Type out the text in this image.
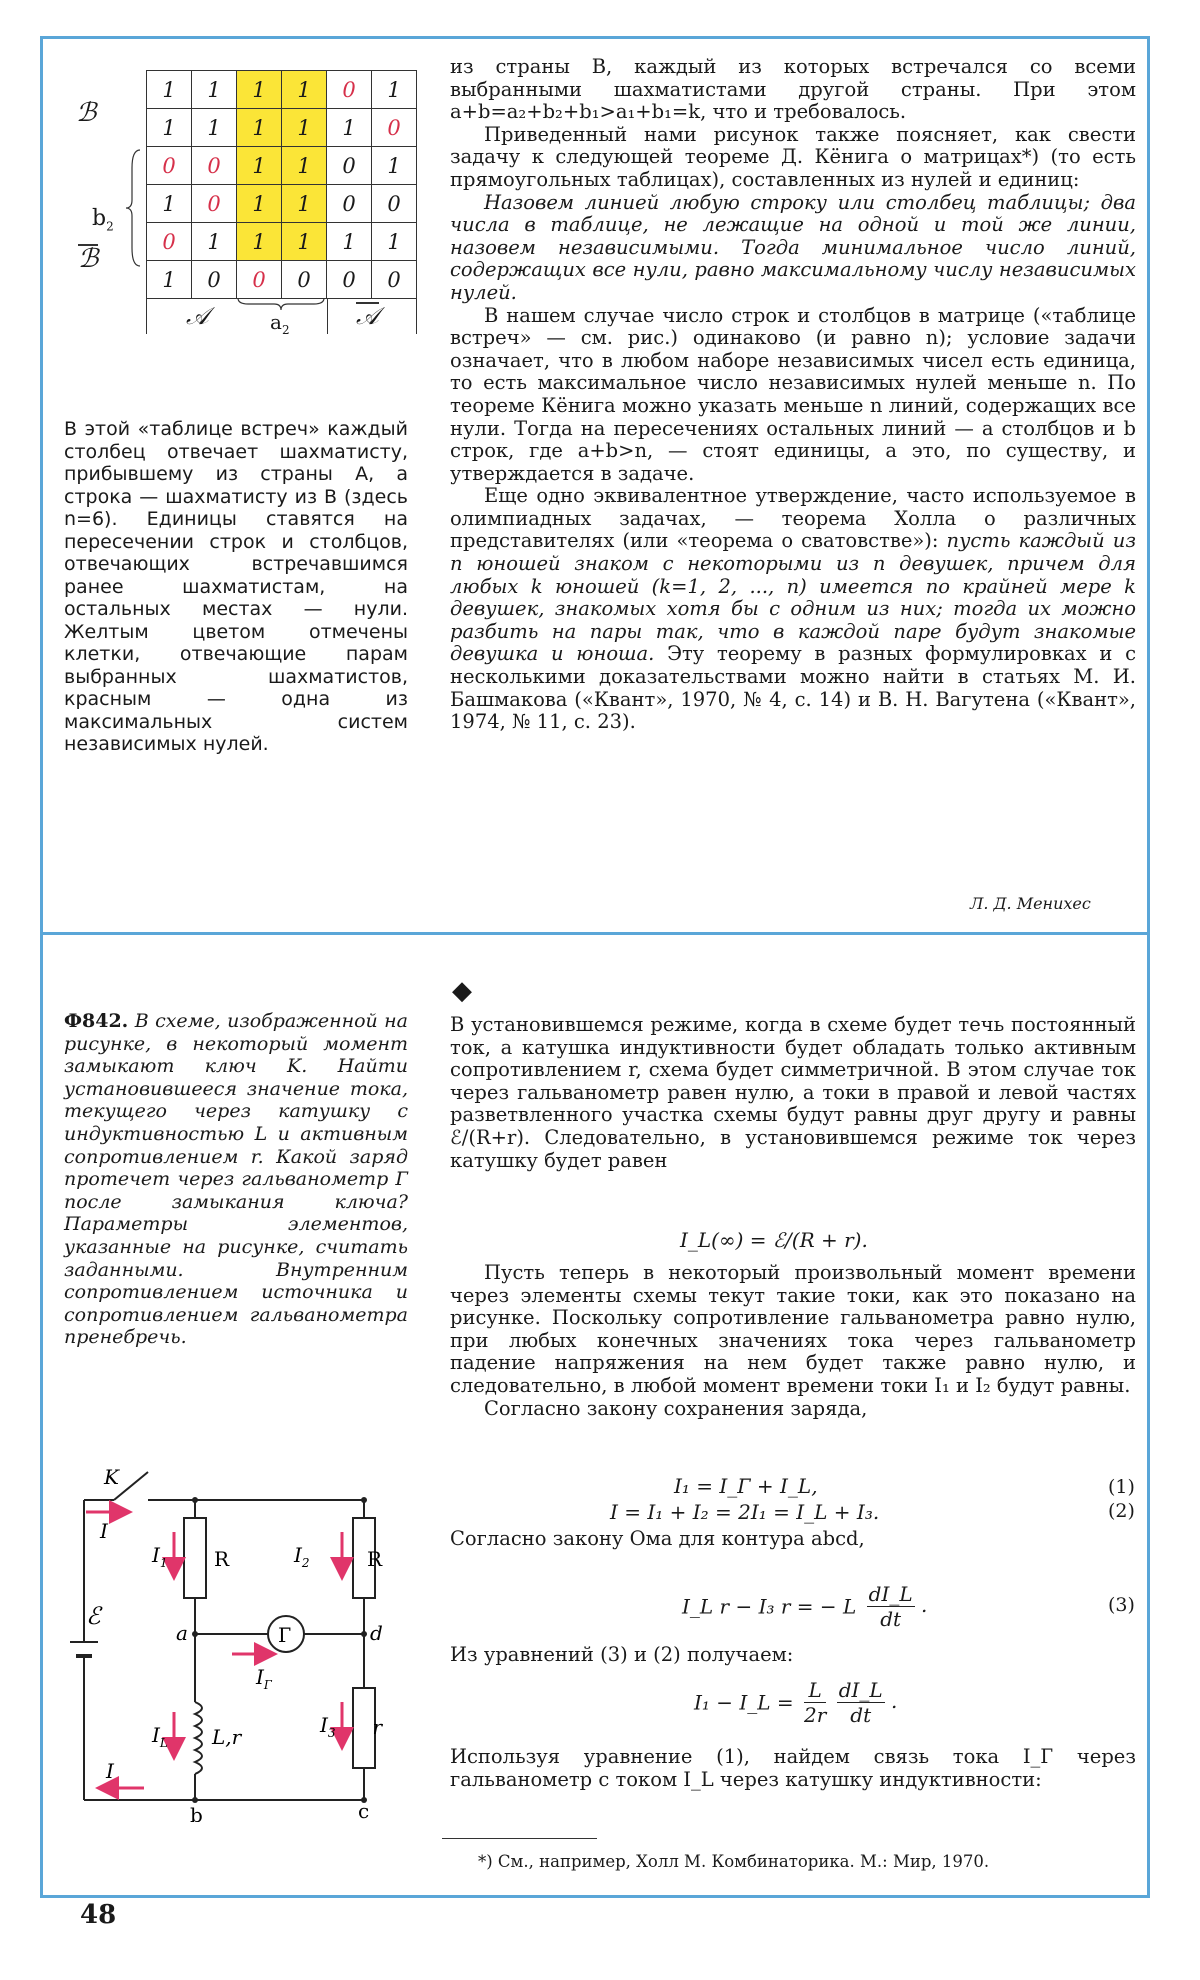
ℬ
$b_2$
ℬ
1	1	1	1	0	1
1	1	1	1	1	0
0	0	1	1	0	1
1	0	1	1	0	0
0	1	1	1	1	1
1	0	0	0	0	0
𝒜	$a_2$	𝒜

В этой «таблице встреч» каждый столбец отвечает шахматисту, прибывшему из страны A, а строка — шахматисту из B (здесь n=6). Единицы ставятся на пересечении строк и столбцов, отвечающих встречавшимся ранее шахматистам, на остальных местах — нули. Желтым цветом отмечены клетки, отвечающие парам выбранных шахматистов, красным — одна из максимальных систем независимых нулей.

из страны B, каждый из которых встречался со всеми выбранными шахматистами другой страны. При этом a+b=a₂+b₂+b₁>a₁+b₁=k, что и требовалось.

Приведенный нами рисунок также поясняет, как свести задачу к следующей теореме Д. Кёнига о матрицах*) (то есть прямоугольных таблицах), составленных из нулей и единиц:

Назовем линией любую строку или столбец таблицы; два числа в таблице, не лежащие на одной и той же линии, назовем независимыми. Тогда минимальное число линий, содержащих все нули, равно максимальному числу независимых нулей.

В нашем случае число строк и столбцов в матрице («таблице встреч» — см. рис.) одинаково (и равно n); условие задачи означает, что в любом наборе независимых чисел есть единица, то есть максимальное число независимых нулей меньше n. По теореме Кёнига можно указать меньше n линий, содержащих все нули. Тогда на пересечениях остальных линий — a столбцов и b строк, где a+b>n, — стоят единицы, а это, по существу, и утверждается в задаче.

Еще одно эквивалентное утверждение, часто используемое в олимпиадных задачах, — теорема Холла о различных представителях (или «теорема о сватовстве»): пусть каждый из n юношей знаком с некоторыми из n девушек, причем для любых k юношей (k=1, 2, ..., n) имеется по крайней мере k девушек, знакомых хотя бы с одним из них; тогда их можно разбить на пары так, что в каждой паре будут знакомые девушка и юноша. Эту теорему в разных формулировках и с несколькими доказательствами можно найти в статьях М. И. Башмакова («Квант», 1970, № 4, с. 14) и В. Н. Вагутена («Квант», 1974, № 11, с. 23).

Л. Д. Менихес

Ф842. В схеме, изображенной на рисунке, в некоторый момент замыкают ключ K. Найти установившееся значение тока, текущего через катушку с индуктивностью L и активным сопротивлением r. Какой заряд протечет через гальванометр Г после замыкания ключа? Параметры элементов, указанные на рисунке, считать заданными. Внутренним сопротивлением источника и сопротивлением гальванометра пренебречь.

K
I
$I_1$ R	$I_2$	R
ℰ
a	d
Г
$I_Г$
$I_L$ L,r	$I_3$ r
I
b	c
◆

В установившемся режиме, когда в схеме будет течь постоянный ток, а катушка индуктивности будет обладать только активным сопротивлением r, схема будет симметричной. В этом случае ток через гальванометр равен нулю, а токи в правой и левой частях разветвленного участка схемы будут равны друг другу и равны ℰ/(R+r). Следовательно, в установившемся режиме ток через катушку будет равен

I_L(∞) = ℰ/(R + r).

Пусть теперь в некоторый произвольный момент времени через элементы схемы текут такие токи, как это показано на рисунке. Поскольку сопротивление гальванометра равно нулю, при любых конечных значениях тока через гальванометр падение напряжения на нем будет также равно нулю, и следовательно, в любой момент времени токи I₁ и I₂ будут равны.

Согласно закону сохранения заряда,

I₁ = I_Г + I_L,	(1)
I = I₁ + I₂ = 2I₁ = I_L + I₃.	(2)

Согласно закону Ома для контура abcd,

I_L r − I₃ r = − L $\frac{dI\_L}{dt}$ .	(3)

Из уравнений (3) и (2) получаем:

I₁ − I_L = $\frac{L}{2r}$
$\frac{dI\_L}{dt}$ .

Используя уравнение (1), найдем связь тока I_Г через гальванометр с током I_L через катушку индуктивности:

*) См., например, Холл М. Комбинаторика. М.: Мир, 1970.
48
